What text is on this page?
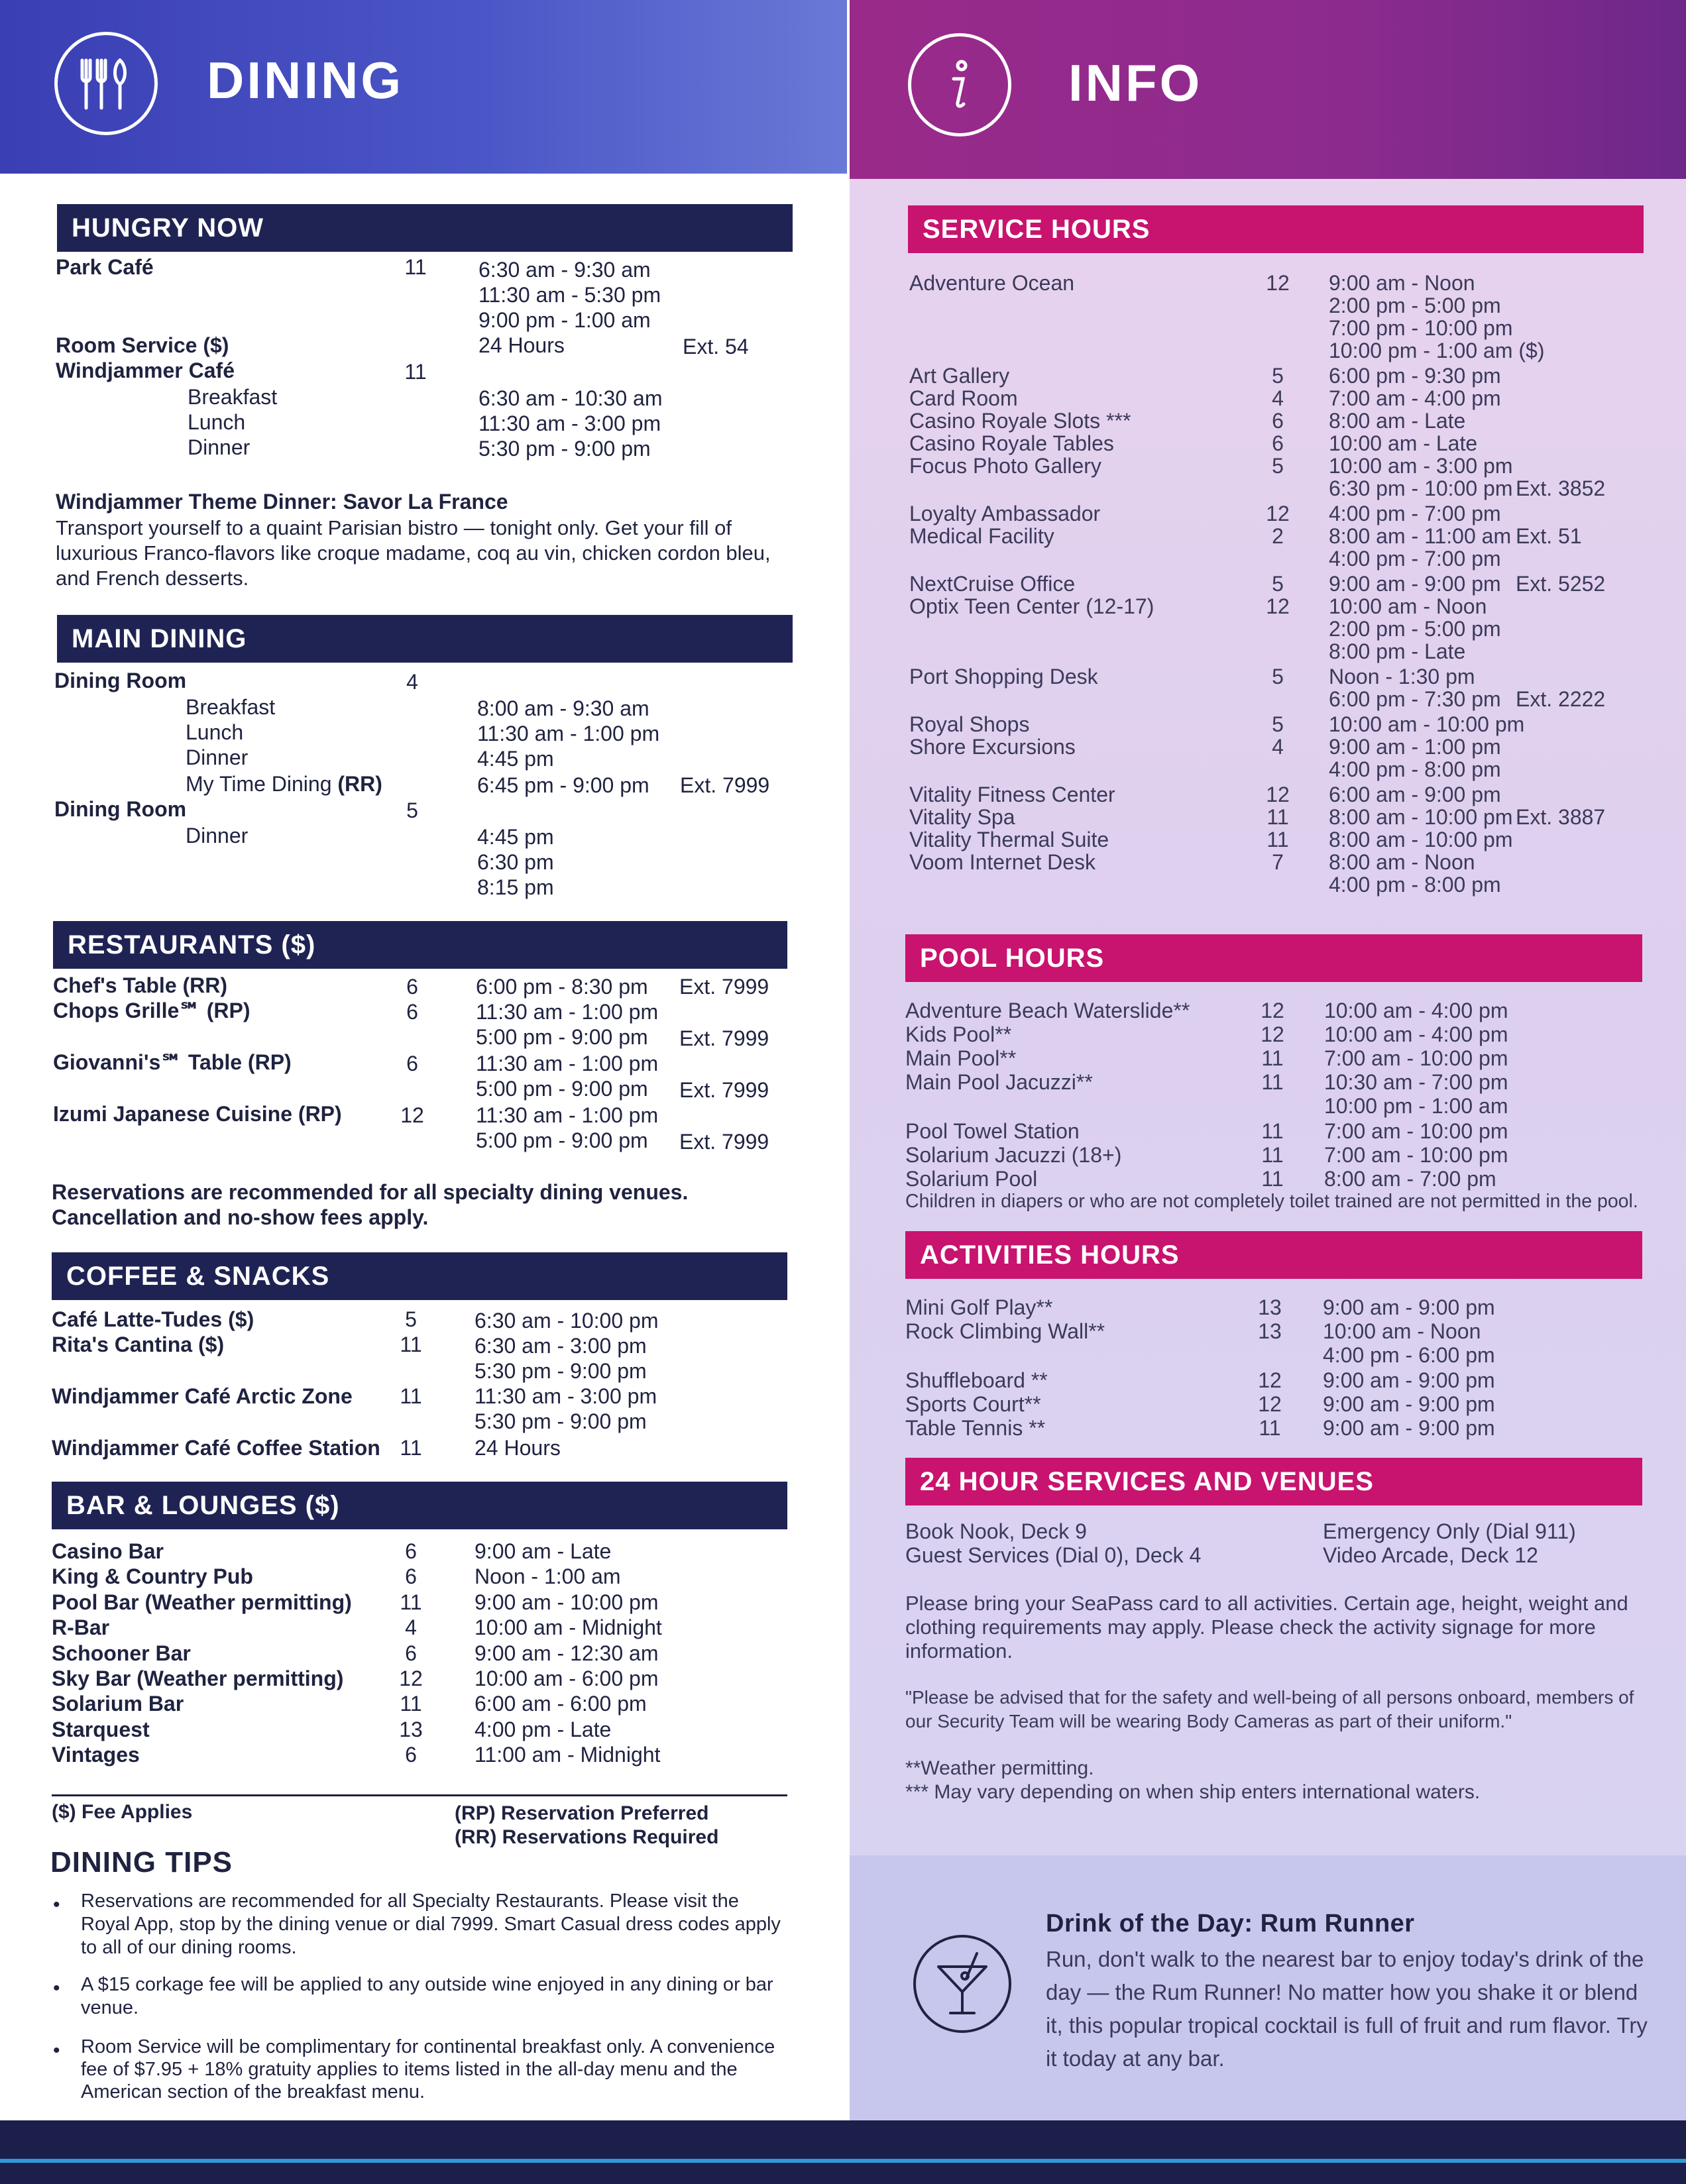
DINING	INFO
HUNGRY NOW
Park Café	11	6:30 am - 9:30 am
11:30 am - 5:30 pm
9:00 pm - 1:00 am
Room Service ($)	24 Hours	Ext. 54
Windjammer Café	11
Breakfast	6:30 am - 10:30 am
Lunch	11:30 am - 3:00 pm
Dinner	5:30 pm - 9:00 pm
Windjammer Theme Dinner: Savor La France

Transport yourself to a quaint Parisian bistro — tonight only. Get your fill of luxurious Franco-flavors like croque madame, coq au vin, chicken cordon bleu, and French desserts.

MAIN DINING
Dining Room	4
Breakfast	8:00 am - 9:30 am
Lunch	11:30 am - 1:00 pm
Dinner	4:45 pm
My Time Dining (RR)	6:45 pm - 9:00 pm Ext. 7999
Dining Room	5
Dinner	4:45 pm
6:30 pm
8:15 pm
RESTAURANTS ($)
Chef's Table (RR)	6	6:00 pm - 8:30 pm Ext. 7999
Chops Grille℠ (RP)	6	11:30 am - 1:00 pm
5:00 pm - 9:00 pm Ext. 7999
Giovanni's℠ Table (RP)	6	11:30 am - 1:00 pm
5:00 pm - 9:00 pm Ext. 7999
Izumi Japanese Cuisine (RP)	12	11:30 am - 1:00 pm
5:00 pm - 9:00 pm Ext. 7999
Reservations are recommended for all specialty dining venues.
Cancellation and no-show fees apply.
COFFEE & SNACKS
Café Latte-Tudes ($)	5	6:30 am - 10:00 pm
Rita's Cantina ($)	11	6:30 am - 3:00 pm
5:30 pm - 9:00 pm
Windjammer Café Arctic Zone	11	11:30 am - 3:00 pm
5:30 pm - 9:00 pm
Windjammer Café Coffee Station 11	24 Hours
BAR & LOUNGES ($)
Casino Bar	6	9:00 am - Late
King & Country Pub	6	Noon - 1:00 am
Pool Bar (Weather permitting)	11	9:00 am - 10:00 pm
R-Bar	4	10:00 am - Midnight
Schooner Bar	6	9:00 am - 12:30 am
Sky Bar (Weather permitting)	12	10:00 am - 6:00 pm
Solarium Bar	11	6:00 am - 6:00 pm
Starquest	13	4:00 pm - Late
Vintages	6	11:00 am - Midnight
($) Fee Applies	(RP) Reservation Preferred
(RR) Reservations Required
DINING TIPS
• Reservations are recommended for all Specialty Restaurants. Please visit the Royal App, stop by the dining venue or dial 7999. Smart Casual dress codes apply to all of our dining rooms.

• A $15 corkage fee will be applied to any outside wine enjoyed in any dining or bar venue.

• Room Service will be complimentary for continental breakfast only. A convenience fee of $7.95 + 18% gratuity applies to items listed in the all-day menu and the American section of the breakfast menu.

SERVICE HOURS
Adventure Ocean	12	9:00 am - Noon
2:00 pm - 5:00 pm
7:00 pm - 10:00 pm
10:00 pm - 1:00 am ($)
Art Gallery	5	6:00 pm - 9:30 pm
Card Room	4	7:00 am - 4:00 pm
Casino Royale Slots ***	6	8:00 am - Late
Casino Royale Tables	6	10:00 am - Late
Focus Photo Gallery	5	10:00 am - 3:00 pm
6:30 pm - 10:00 pm Ext. 3852
Loyalty Ambassador	12	4:00 pm - 7:00 pm
Medical Facility	2	8:00 am - 11:00 am Ext. 51
4:00 pm - 7:00 pm
NextCruise Office	5	9:00 am - 9:00 pm Ext. 5252
Optix Teen Center (12-17)	12	10:00 am - Noon
2:00 pm - 5:00 pm
8:00 pm - Late
Port Shopping Desk	5	Noon - 1:30 pm
6:00 pm - 7:30 pm Ext. 2222
Royal Shops	5	10:00 am - 10:00 pm
Shore Excursions	4	9:00 am - 1:00 pm
4:00 pm - 8:00 pm
Vitality Fitness Center	12	6:00 am - 9:00 pm
Vitality Spa	11	8:00 am - 10:00 pm Ext. 3887
Vitality Thermal Suite	11	8:00 am - 10:00 pm
Voom Internet Desk	7	8:00 am - Noon
4:00 pm - 8:00 pm
POOL HOURS
Adventure Beach Waterslide**	12	10:00 am - 4:00 pm
Kids Pool**	12	10:00 am - 4:00 pm
Main Pool**	11	7:00 am - 10:00 pm
Main Pool Jacuzzi**	11	10:30 am - 7:00 pm
10:00 pm - 1:00 am
Pool Towel Station	11	7:00 am - 10:00 pm
Solarium Jacuzzi (18+)	11	7:00 am - 10:00 pm
Solarium Pool	11	8:00 am - 7:00 pm
Children in diapers or who are not completely toilet trained are not permitted in the pool.
ACTIVITIES HOURS
Mini Golf Play**	13	9:00 am - 9:00 pm
Rock Climbing Wall**	13	10:00 am - Noon
4:00 pm - 6:00 pm
Shuffleboard **	12	9:00 am - 9:00 pm
Sports Court**	12	9:00 am - 9:00 pm
Table Tennis **	11	9:00 am - 9:00 pm
24 HOUR SERVICES AND VENUES
Book Nook, Deck 9
Guest Services (Dial 0), Deck 4
Emergency Only (Dial 911)
Video Arcade, Deck 12

Please bring your SeaPass card to all activities. Certain age, height, weight and clothing requirements may apply. Please check the activity signage for more information.

"Please be advised that for the safety and well-being of all persons onboard, members of our Security Team will be wearing Body Cameras as part of their uniform."

**Weather permitting.
*** May vary depending on when ship enters international waters.
Drink of the Day: Rum Runner

Run, don't walk to the nearest bar to enjoy today's drink of the day — the Rum Runner! No matter how you shake it or blend it, this popular tropical cocktail is full of fruit and rum flavor. Try it today at any bar.
